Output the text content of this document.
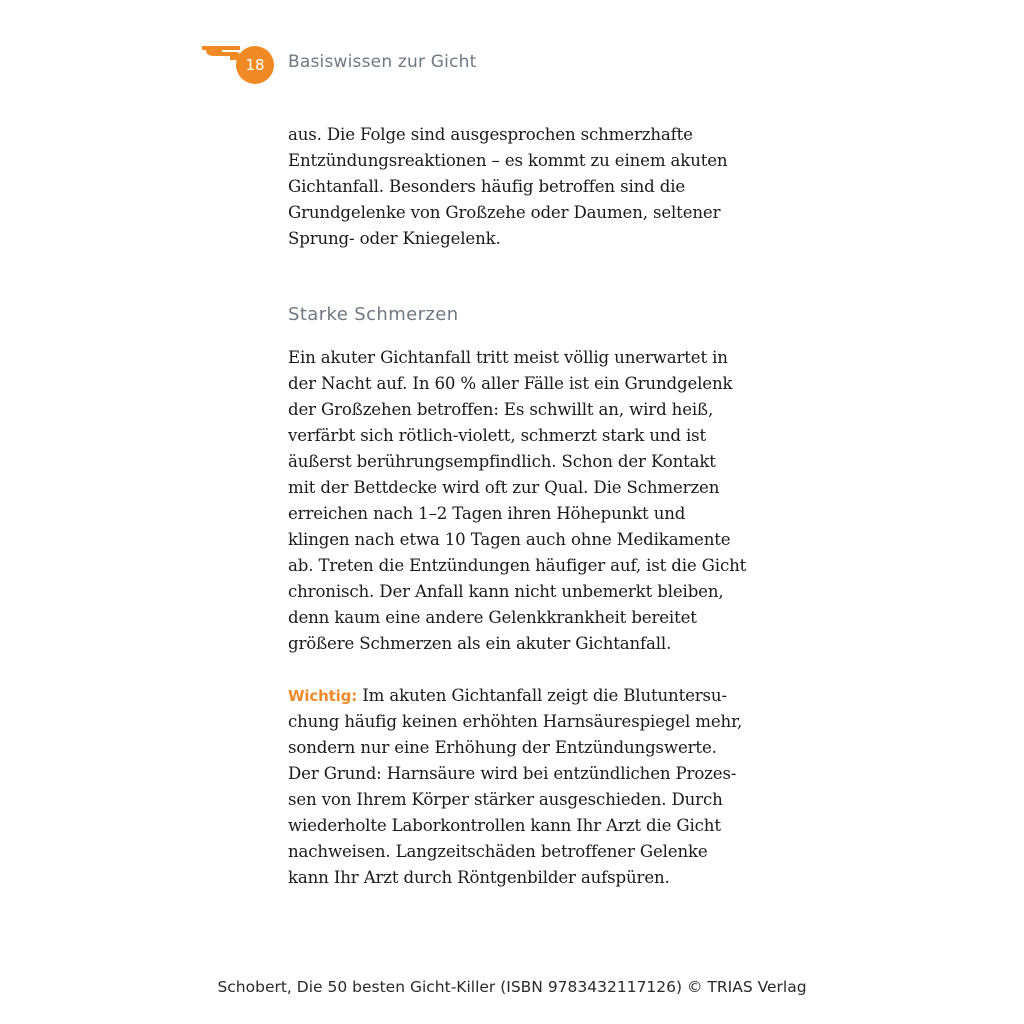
18 Basiswissen zur Gicht
aus. Die Folge sind ausgesprochen schmerzhafte
Entzündungsreaktionen – es kommt zu einem akuten
Gichtanfall. Besonders häufig betroffen sind die
Grundgelenke von Großzehe oder Daumen, seltener
Sprung- oder Kniegelenk.
Starke Schmerzen
Ein akuter Gichtanfall tritt meist völlig unerwartet in
der Nacht auf. In 60 % aller Fälle ist ein Grundgelenk
der Großzehen betroffen: Es schwillt an, wird heiß,
verfärbt sich rötlich-violett, schmerzt stark und ist
äußerst berührungsempfindlich. Schon der Kontakt
mit der Bettdecke wird oft zur Qual. Die Schmerzen
erreichen nach 1–2 Tagen ihren Höhepunkt und
klingen nach etwa 10 Tagen auch ohne Medikamente
ab. Treten die Entzündungen häufiger auf, ist die Gicht
chronisch. Der Anfall kann nicht unbemerkt bleiben,
denn kaum eine andere Gelenkkrankheit bereitet
größere Schmerzen als ein akuter Gichtanfall.
Wichtig: Im akuten Gichtanfall zeigt die Blutuntersu-
chung häufig keinen erhöhten Harnsäurespiegel mehr,
sondern nur eine Erhöhung der Entzündungswerte.
Der Grund: Harnsäure wird bei entzündlichen Prozes-
sen von Ihrem Körper stärker ausgeschieden. Durch
wiederholte Laborkontrollen kann Ihr Arzt die Gicht
nachweisen. Langzeitschäden betroffener Gelenke
kann Ihr Arzt durch Röntgenbilder aufspüren.
Schobert, Die 50 besten Gicht-Killer (ISBN 9783432117126) © TRIAS Verlag
